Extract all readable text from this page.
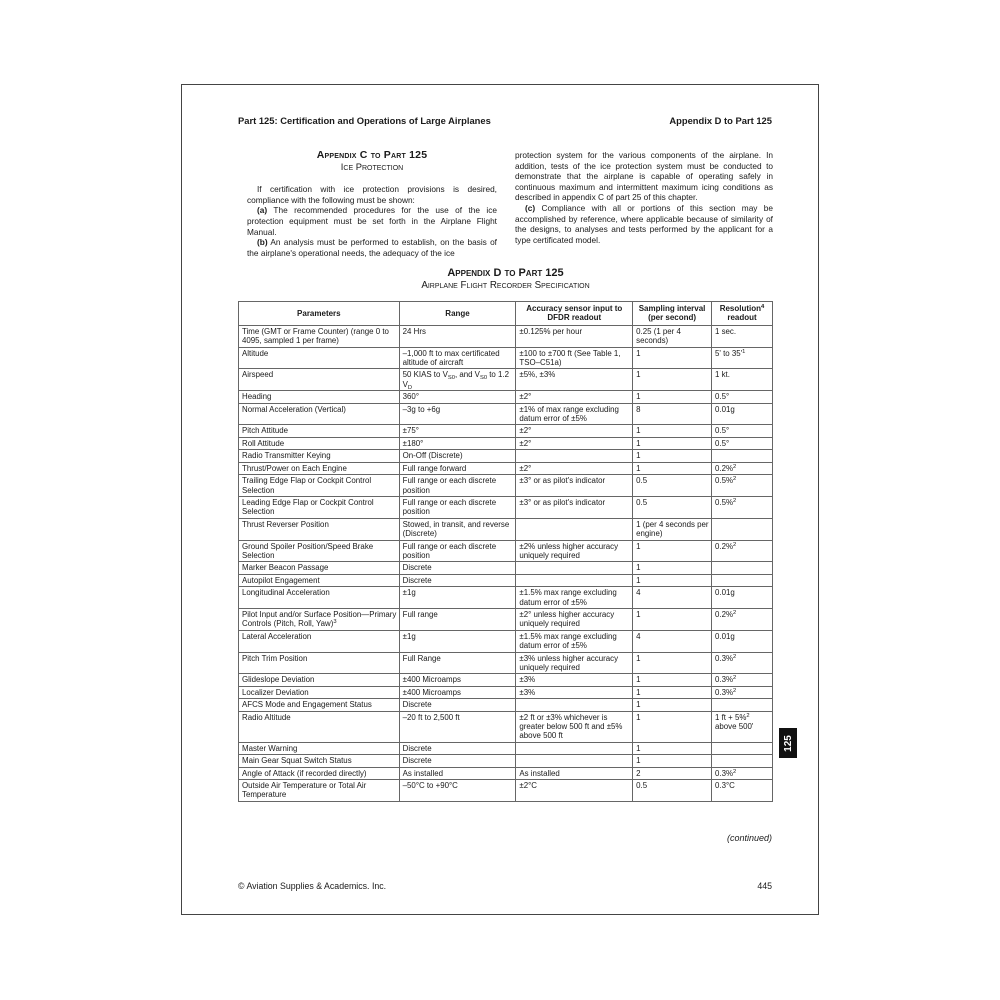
Part 125: Certification and Operations of Large Airplanes	Appendix D to Part 125
Appendix C to Part 125
Ice Protection

If certification with ice protection provisions is desired, compliance with the following must be shown:

(a) The recommended procedures for the use of the ice protection equipment must be set forth in the Airplane Flight Manual.

(b) An analysis must be performed to establish, on the basis of the airplane's operational needs, the adequacy of the ice

protection system for the various components of the airplane. In addition, tests of the ice protection system must be conducted to demonstrate that the airplane is capable of operating safely in continuous maximum and intermittent maximum icing conditions as described in appendix C of part 25 of this chapter.

(c) Compliance with all or portions of this section may be accomplished by reference, where applicable because of similarity of the designs, to analyses and tests performed by the applicant for a type certificated model.

Appendix D to Part 125
Airplane Flight Recorder Specification
Parameters	Range	Accuracy sensor input to DFDR readout	Sampling interval (per second)	Resolution$^4$ readout
Time (GMT or Frame Counter) (range 0 to 4095, sampled 1 per frame)	24 Hrs	±0.125% per hour	0.25 (1 per 4 seconds)	1 sec.
Altitude	–1,000 ft to max certificated altitude of aircraft	±100 to ±700 ft (See Table 1, TSO–C51a)	1	5' to $35'^1$
Airspeed	50 KIAS to $V_{S0}$, and $V_{S0}$ to 1.2 $V_D$	±5%, ±3%	1	1 kt.
Heading	360°	±2°	1	0.5°
Normal Acceleration (Vertical)	–3g to +6g	±1% of max range excluding datum error of ±5%	8	0.01g
Pitch Attitude	±75°	±2°	1	0.5°
Roll Attitude	±180°	±2°	1	0.5°
Radio Transmitter Keying	On-Off (Discrete)		1	
Thrust/Power on Each Engine	Full range forward	±2°	1	0.2%$^2$
Trailing Edge Flap or Cockpit Control Selection	Full range or each discrete position	±3° or as pilot's indicator	0.5	0.5%$^2$
Leading Edge Flap or Cockpit Control Selection	Full range or each discrete position	±3° or as pilot's indicator	0.5	0.5%$^2$
Thrust Reverser Position	Stowed, in transit, and reverse (Discrete)		1 (per 4 seconds per engine)	
Ground Spoiler Position/Speed Brake Selection	Full range or each discrete position	±2% unless higher accuracy uniquely required	1	0.2%$^2$
Marker Beacon Passage	Discrete		1	
Autopilot Engagement	Discrete		1	
Longitudinal Acceleration	±1g	±1.5% max range excluding datum error of ±5%	4	0.01g
Pilot Input and/or Surface Position—Primary Controls (Pitch, Roll, Yaw)$^3$	Full range	±2° unless higher accuracy uniquely required	1	0.2%$^2$
Lateral Acceleration	±1g	±1.5% max range excluding datum error of ±5%	4	0.01g
Pitch Trim Position	Full Range	±3% unless higher accuracy uniquely required	1	0.3%$^2$
Glideslope Deviation	±400 Microamps	±3%	1	0.3%$^2$
Localizer Deviation	±400 Microamps	±3%	1	0.3%$^2$
AFCS Mode and Engagement Status	Discrete		1	
Radio Altitude	–20 ft to 2,500 ft	±2 ft or ±3% whichever is greater below 500 ft and ±5% above 500 ft	1	1 ft + 5%$^2$ above 500'
Master Warning	Discrete		1	
Main Gear Squat Switch Status	Discrete		1	
Angle of Attack (if recorded directly)	As installed	As installed	2	0.3%$^2$
Outside Air Temperature or Total Air Temperature	–50°C to +90°C	±2°C	0.5	0.3°C
(continued)
© Aviation Supplies & Academics. Inc.	445
125
